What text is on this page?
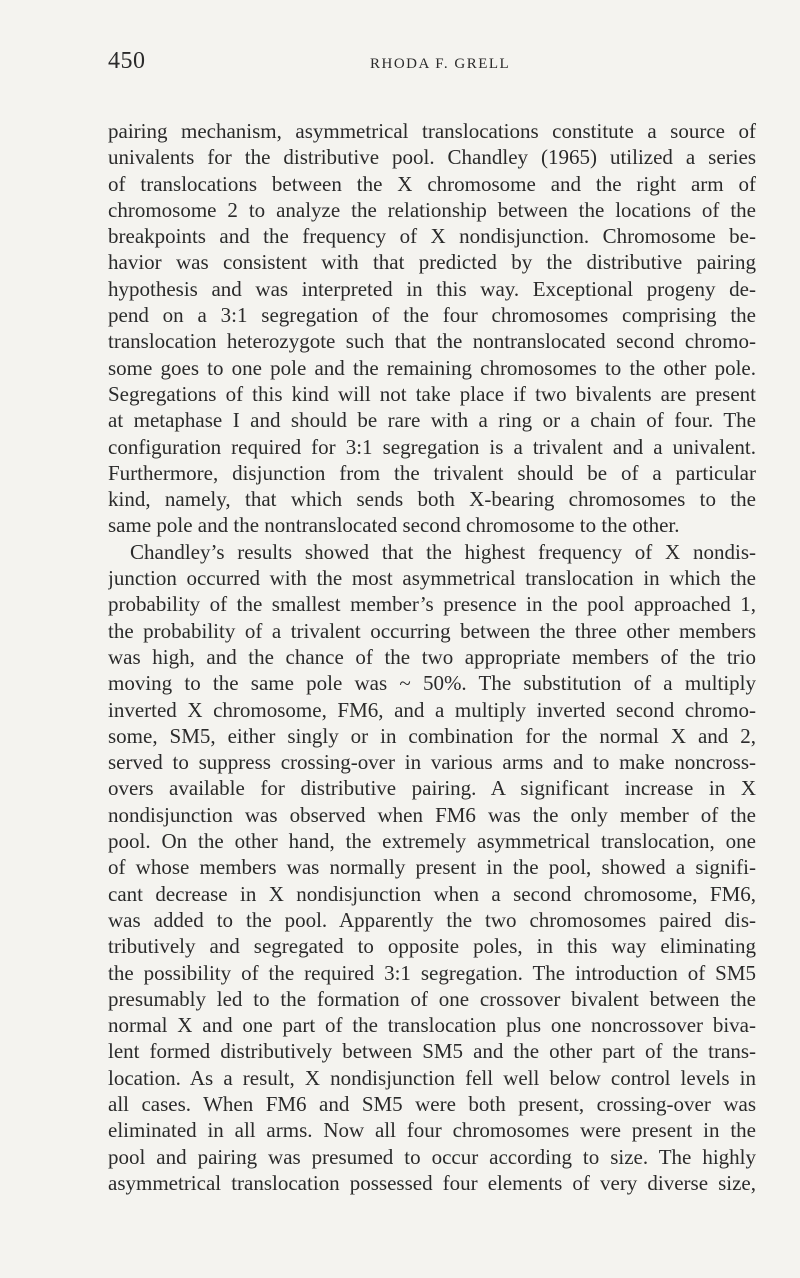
450	RHODA F. GRELL
pairing mechanism, asymmetrical translocations constitute a source of
univalents for the distributive pool. Chandley (1965) utilized a series
of translocations between the X chromosome and the right arm of
chromosome 2 to analyze the relationship between the locations of the
breakpoints and the frequency of X nondisjunction. Chromosome be-
havior was consistent with that predicted by the distributive pairing
hypothesis and was interpreted in this way. Exceptional progeny de-
pend on a 3:1 segregation of the four chromosomes comprising the
translocation heterozygote such that the nontranslocated second chromo-
some goes to one pole and the remaining chromosomes to the other pole.
Segregations of this kind will not take place if two bivalents are present
at metaphase I and should be rare with a ring or a chain of four. The
configuration required for 3:1 segregation is a trivalent and a univalent.
Furthermore, disjunction from the trivalent should be of a particular
kind, namely, that which sends both X-bearing chromosomes to the
same pole and the nontranslocated second chromosome to the other.
Chandley’s results showed that the highest frequency of X nondis-
junction occurred with the most asymmetrical translocation in which the
probability of the smallest member’s presence in the pool approached 1,
the probability of a trivalent occurring between the three other members
was high, and the chance of the two appropriate members of the trio
moving to the same pole was ~ 50%. The substitution of a multiply
inverted X chromosome, FM6, and a multiply inverted second chromo-
some, SM5, either singly or in combination for the normal X and 2,
served to suppress crossing-over in various arms and to make noncross-
overs available for distributive pairing. A significant increase in X
nondisjunction was observed when FM6 was the only member of the
pool. On the other hand, the extremely asymmetrical translocation, one
of whose members was normally present in the pool, showed a signifi-
cant decrease in X nondisjunction when a second chromosome, FM6,
was added to the pool. Apparently the two chromosomes paired dis-
tributively and segregated to opposite poles, in this way eliminating
the possibility of the required 3:1 segregation. The introduction of SM5
presumably led to the formation of one crossover bivalent between the
normal X and one part of the translocation plus one noncrossover biva-
lent formed distributively between SM5 and the other part of the trans-
location. As a result, X nondisjunction fell well below control levels in
all cases. When FM6 and SM5 were both present, crossing-over was
eliminated in all arms. Now all four chromosomes were present in the
pool and pairing was presumed to occur according to size. The highly
asymmetrical translocation possessed four elements of very diverse size,
